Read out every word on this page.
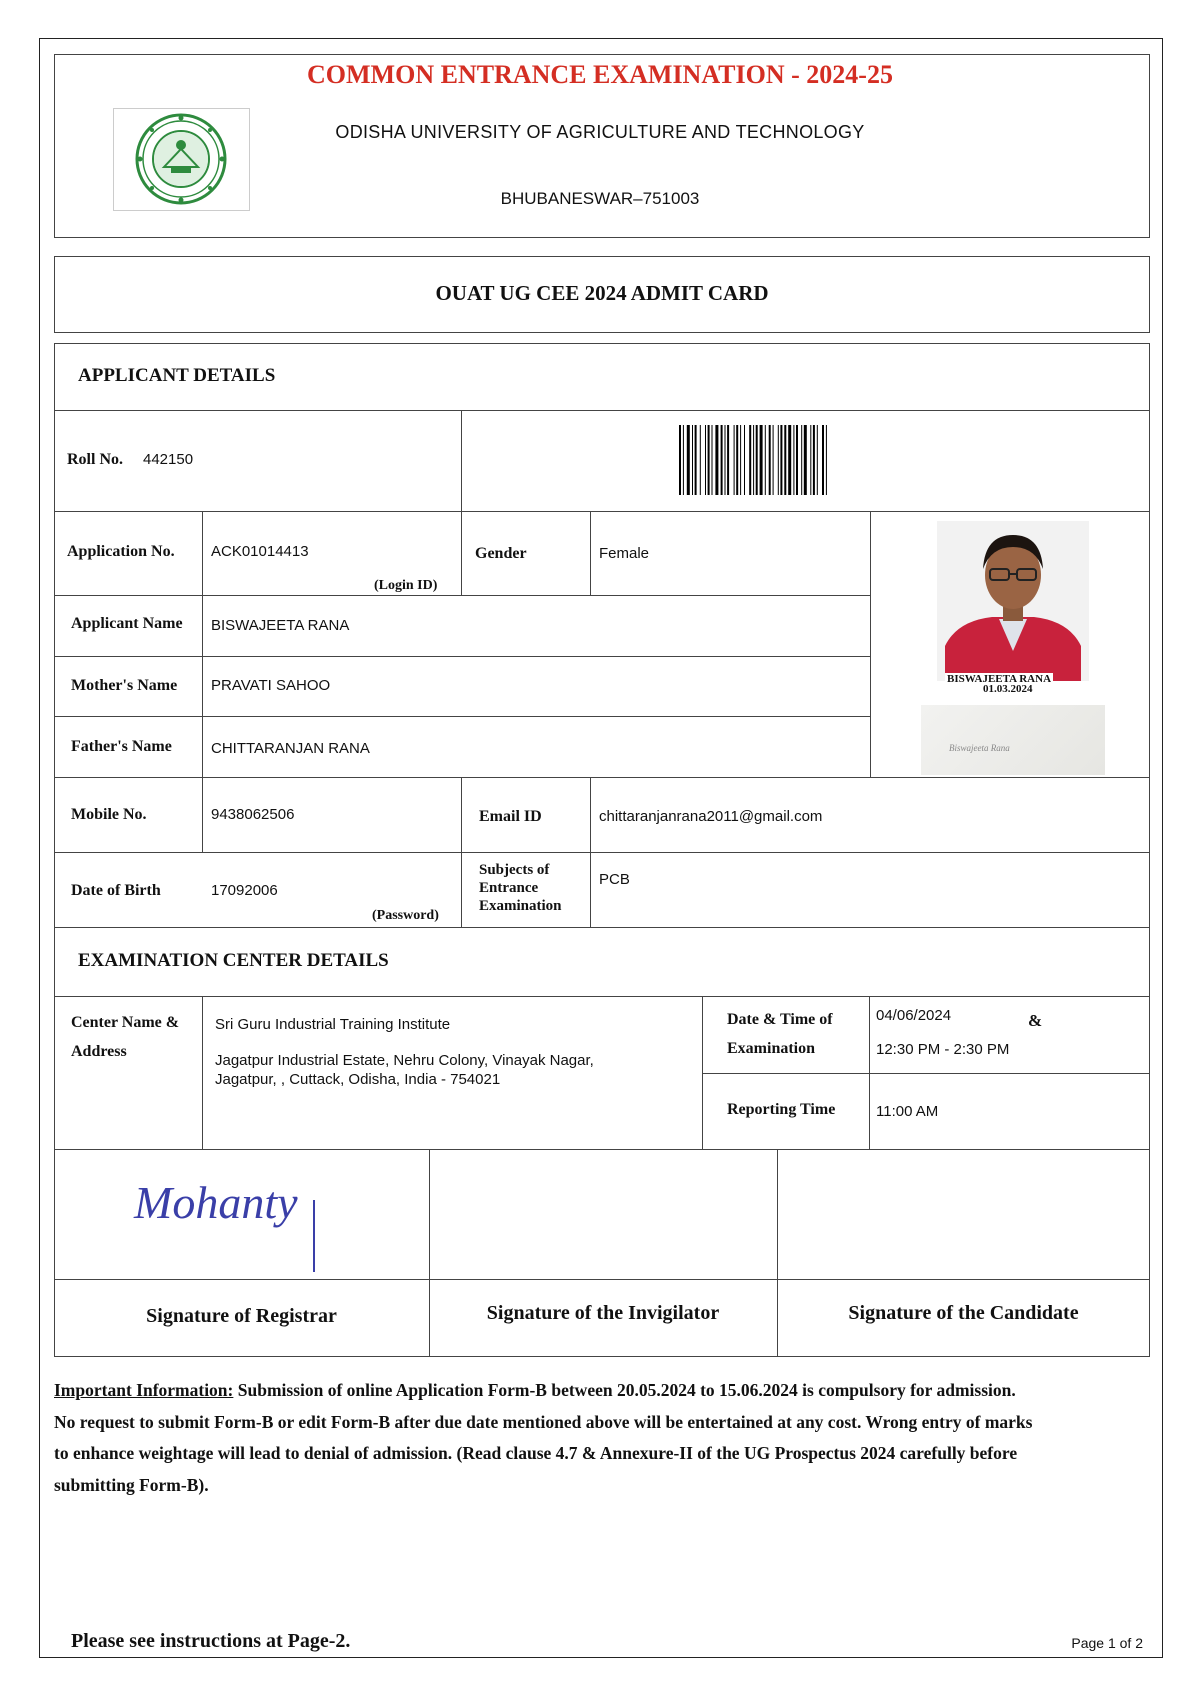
COMMON ENTRANCE EXAMINATION - 2024-25
ODISHA UNIVERSITY OF AGRICULTURE AND TECHNOLOGY
BHUBANESWAR–751003
OUAT UG CEE 2024 ADMIT CARD
APPLICANT DETAILS
Roll No. 442150
Application No. ACK01014413
(Login ID)
Gender	Female
Applicant Name BISWAJEETA RANA
Mother's Name PRAVATI SAHOO
Father's Name	CHITTARANJAN RANA
BISWAJEETA RANA
01.03.2024
Biswajeeta Rana
Mobile No.	9438062506	Email ID	chittaranjanrana2011@gmail.com
Date of Birth	17092006
(Password)
Subjects of
Entrance
Examination
PCB
EXAMINATION CENTER DETAILS
Center Name &
Address
Sri Guru Industrial Training Institute
Jagatpur Industrial Estate, Nehru Colony, Vinayak Nagar,
Jagatpur, , Cuttack, Odisha, India - 754021
Date & Time of
Examination
04/06/2024	&
12:30 PM - 2:30 PM
Reporting Time	11:00 AM
Mohanty
Signature of Registrar	Signature of the Invigilator	Signature of the Candidate
Important Information: Submission of online Application Form-B between 20.05.2024 to 15.06.2024 is compulsory for admission.
No request to submit Form-B or edit Form-B after due date mentioned above will be entertained at any cost. Wrong entry of marks
to enhance weightage will lead to denial of admission. (Read clause 4.7 & Annexure-II of the UG Prospectus 2024 carefully before
submitting Form-B).
Please see instructions at Page-2.	Page 1 of 2
